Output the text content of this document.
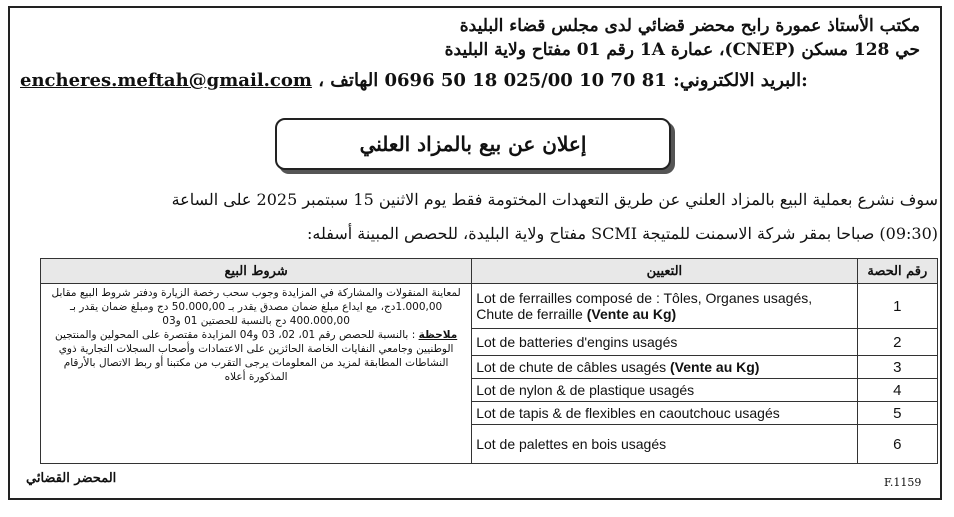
مكتب الأستاذ عمورة رابح محضر قضائي لدى مجلس قضاء البليدة
حي 128 مسكن (CNEP)، عمارة 1A رقم 01 مفتاح ولاية البليدة
encheres.meftah@gmail.com ، البريد الالكتروني: 81 70 10 025/00 18 50 0696 الهاتف:
إعلان عن بيع بالمزاد العلني
سوف نشرع بعملية البيع بالمزاد العلني عن طريق التعهدات المختومة فقط يوم الاثنين 15 سبتمبر 2025 على الساعة
(09:30) صباحا بمقر شركة الاسمنت للمتيجة SCMI مفتاح ولاية البليدة، للحصص المبينة أسفله:
شروط البيع	التعيين	رقم الحصة

لمعاينة المنقولات والمشاركة في المزايدة وجوب سحب رخصة الزيارة ودفتر شروط البيع مقابل 1.000,00دج، مع ايداع مبلغ ضمان مصدق يقدر بـ 50.000,00 دج ومبلغ ضمان يقدر بـ 400.000,00 دج بالنسبة للحصتين 01 و03
ملاحظة : بالنسبة للحصص رقم 01، 02، 03 و04 المزايدة مقتصرة على المحولين والمنتجين الوطنيين وجامعي النفايات الخاصة الحائزين على الاعتمادات وأصحاب السجلات التجارية ذوي النشاطات المطابقة لمزيد من المعلومات يرجى التقرب من مكتبنا أو ربط الاتصال بالأرقام المذكورة أعلاه	Lot de ferrailles composé de : Tôles, Organes usagés, Chute de ferraille (Vente au Kg)	1
	Lot de batteries d'engins usagés	2
	Lot de chute de câbles usagés (Vente au Kg)	3
	Lot de nylon & de plastique usagés	4
	Lot de tapis & de flexibles en caoutchouc usagés	5
	Lot de palettes en bois usagés	6
المحضر القضائي	F.1159
